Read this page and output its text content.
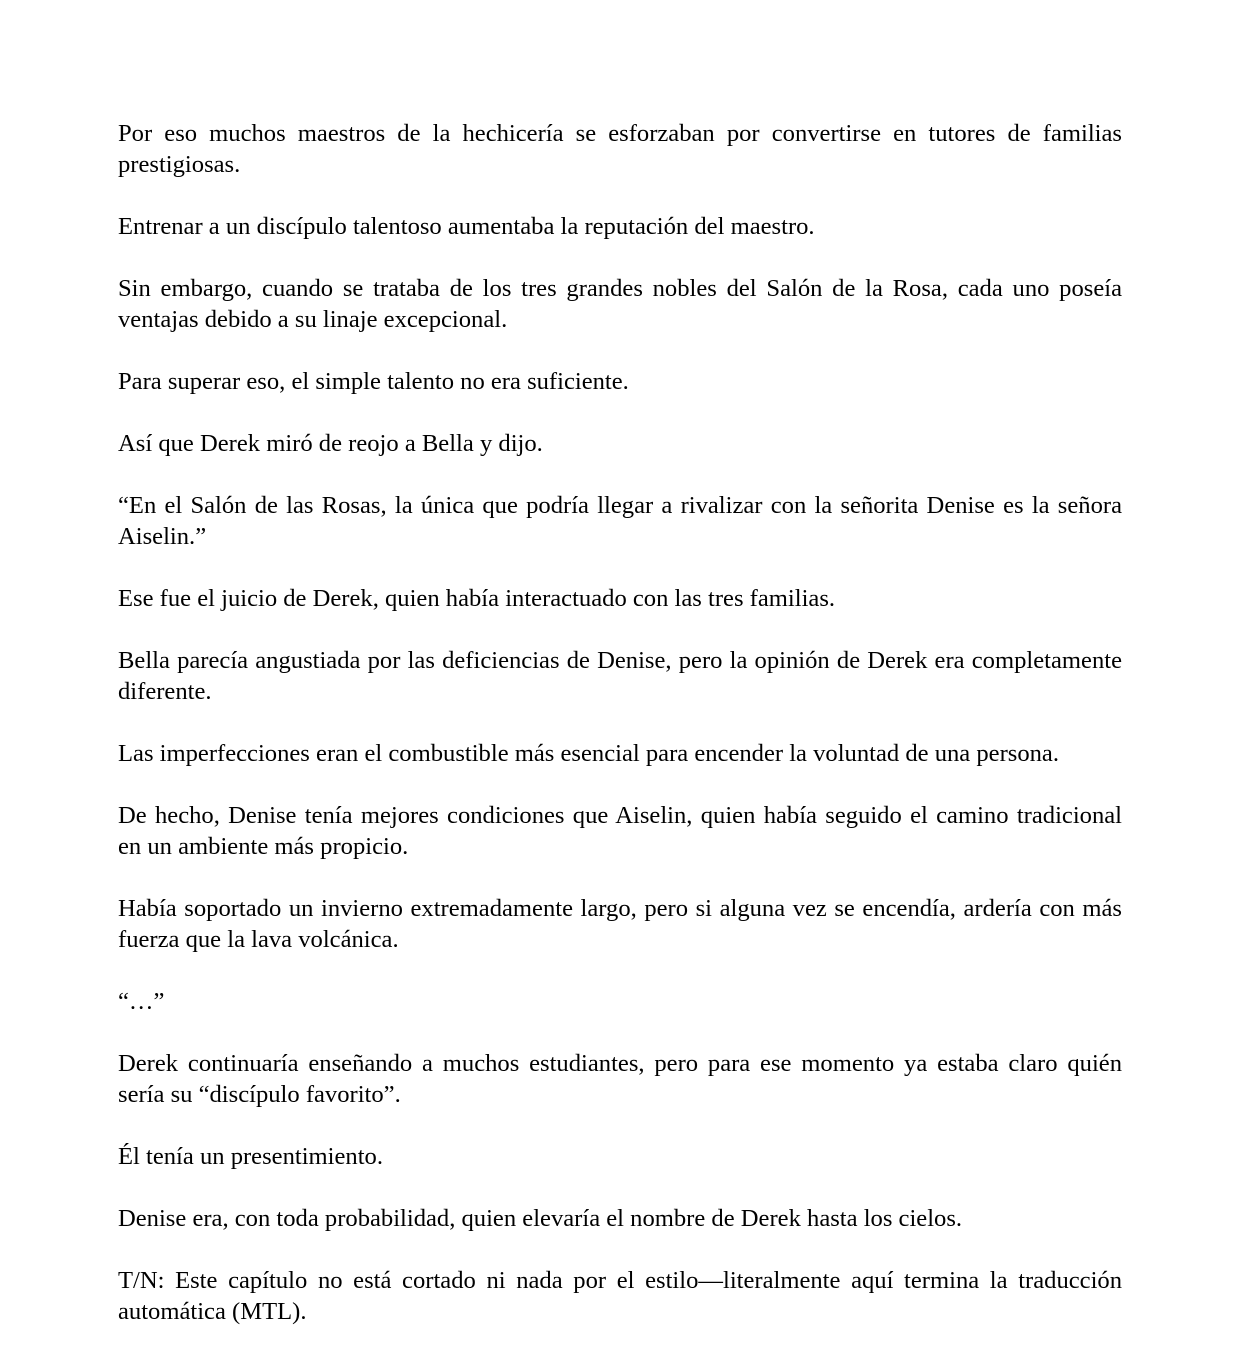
Por eso muchos maestros de la hechicería se esforzaban por convertirse en tutores de familias prestigiosas.

Entrenar a un discípulo talentoso aumentaba la reputación del maestro.

Sin embargo, cuando se trataba de los tres grandes nobles del Salón de la Rosa, cada uno poseía ventajas debido a su linaje excepcional.

Para superar eso, el simple talento no era suficiente.

Así que Derek miró de reojo a Bella y dijo.

“En el Salón de las Rosas, la única que podría llegar a rivalizar con la señorita Denise es la señora Aiselin.”

Ese fue el juicio de Derek, quien había interactuado con las tres familias.

Bella parecía angustiada por las deficiencias de Denise, pero la opinión de Derek era completamente diferente.

Las imperfecciones eran el combustible más esencial para encender la voluntad de una persona.

De hecho, Denise tenía mejores condiciones que Aiselin, quien había seguido el camino tradicional en un ambiente más propicio.

Había soportado un invierno extremadamente largo, pero si alguna vez se encendía, ardería con más fuerza que la lava volcánica.

“…”

Derek continuaría enseñando a muchos estudiantes, pero para ese momento ya estaba claro quién sería su “discípulo favorito”.

Él tenía un presentimiento.

Denise era, con toda probabilidad, quien elevaría el nombre de Derek hasta los cielos.

T/N: Este capítulo no está cortado ni nada por el estilo—literalmente aquí termina la traducción automática (MTL).
